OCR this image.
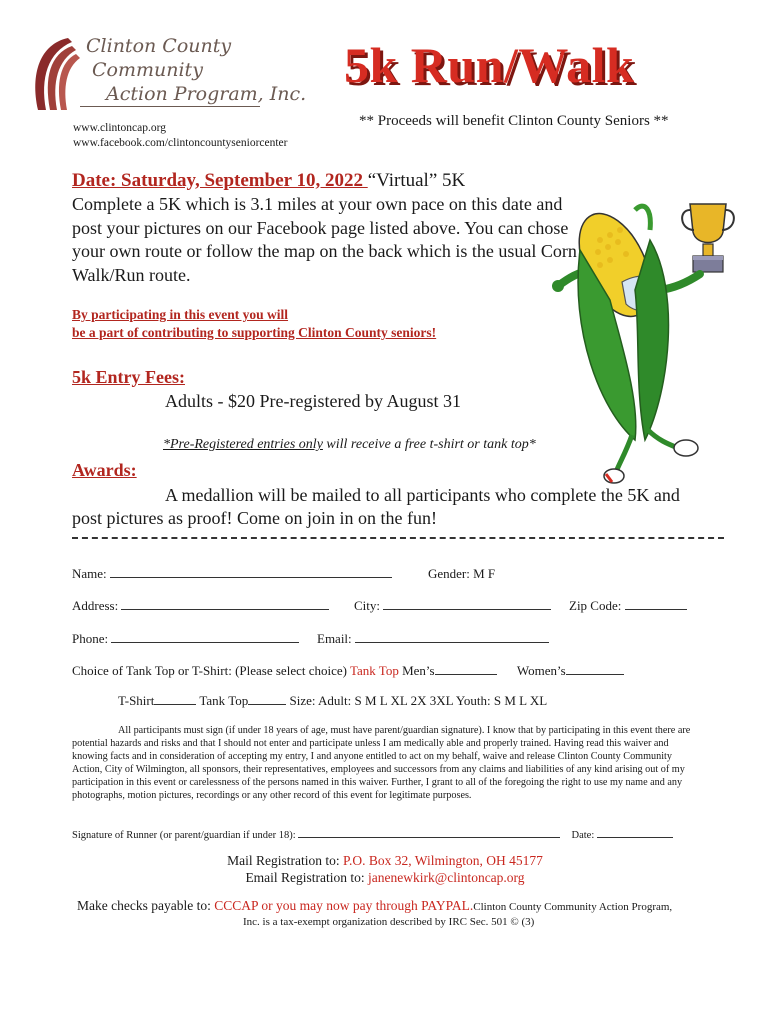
Clinton County
Community
Action Program, Inc.
www.clintoncap.org
www.facebook.com/clintoncountyseniorcenter
5k Run/Walk
** Proceeds will benefit Clinton County Seniors **
Date: Saturday, September 10, 2022 “Virtual” 5K
Complete a 5K which is 3.1 miles at your own pace on this date and post your pictures on our Facebook page listed above. You can chose your own route or follow the map on the back which is the usual Corn Walk/Run route.
By participating in this event you will
be a part of contributing to supporting Clinton County seniors!
5k Entry Fees:
Adults - $20 Pre-registered by August 31
*Pre-Registered entries only will receive a free t-shirt or tank top*
Awards:
A medallion will be mailed to all participants who complete the 5K and post pictures as proof! Come on join in on the fun!
Name:	Gender: M F
Address:	City:	Zip Code:
Phone:	Email:
Choice of Tank Top or T-Shirt: (Please select choice) Tank Top Men’s	Women’s
T-Shirt	Tank Top	Size: Adult: S M L XL 2X 3XL Youth: S M L XL
All participants must sign (if under 18 years of age, must have parent/guardian signature). I know that by participating in this event there are potential hazards and risks and that I should not enter and participate unless I am medically able and properly trained. Having read this waiver and knowing facts and in consideration of accepting my entry, I and anyone entitled to act on my behalf, waive and release Clinton County Community Action, City of Wilmington, all sponsors, their representatives, employees and successors from any claims and liabilities of any kind arising out of my participation in this event or carelessness of the persons named in this waiver. Further, I grant to all of the foregoing the right to use my name and any photographs, motion pictures, recordings or any other record of this event for legitimate purposes.
Signature of Runner (or parent/guardian if under 18):	Date:
Mail Registration to: P.O. Box 32, Wilmington, OH 45177
Email Registration to: janenewkirk@clintoncap.org
Make checks payable to: CCCAP or you may now pay through PAYPAL.Clinton County Community Action Program,
Inc. is a tax-exempt organization described by IRC Sec. 501 © (3)
